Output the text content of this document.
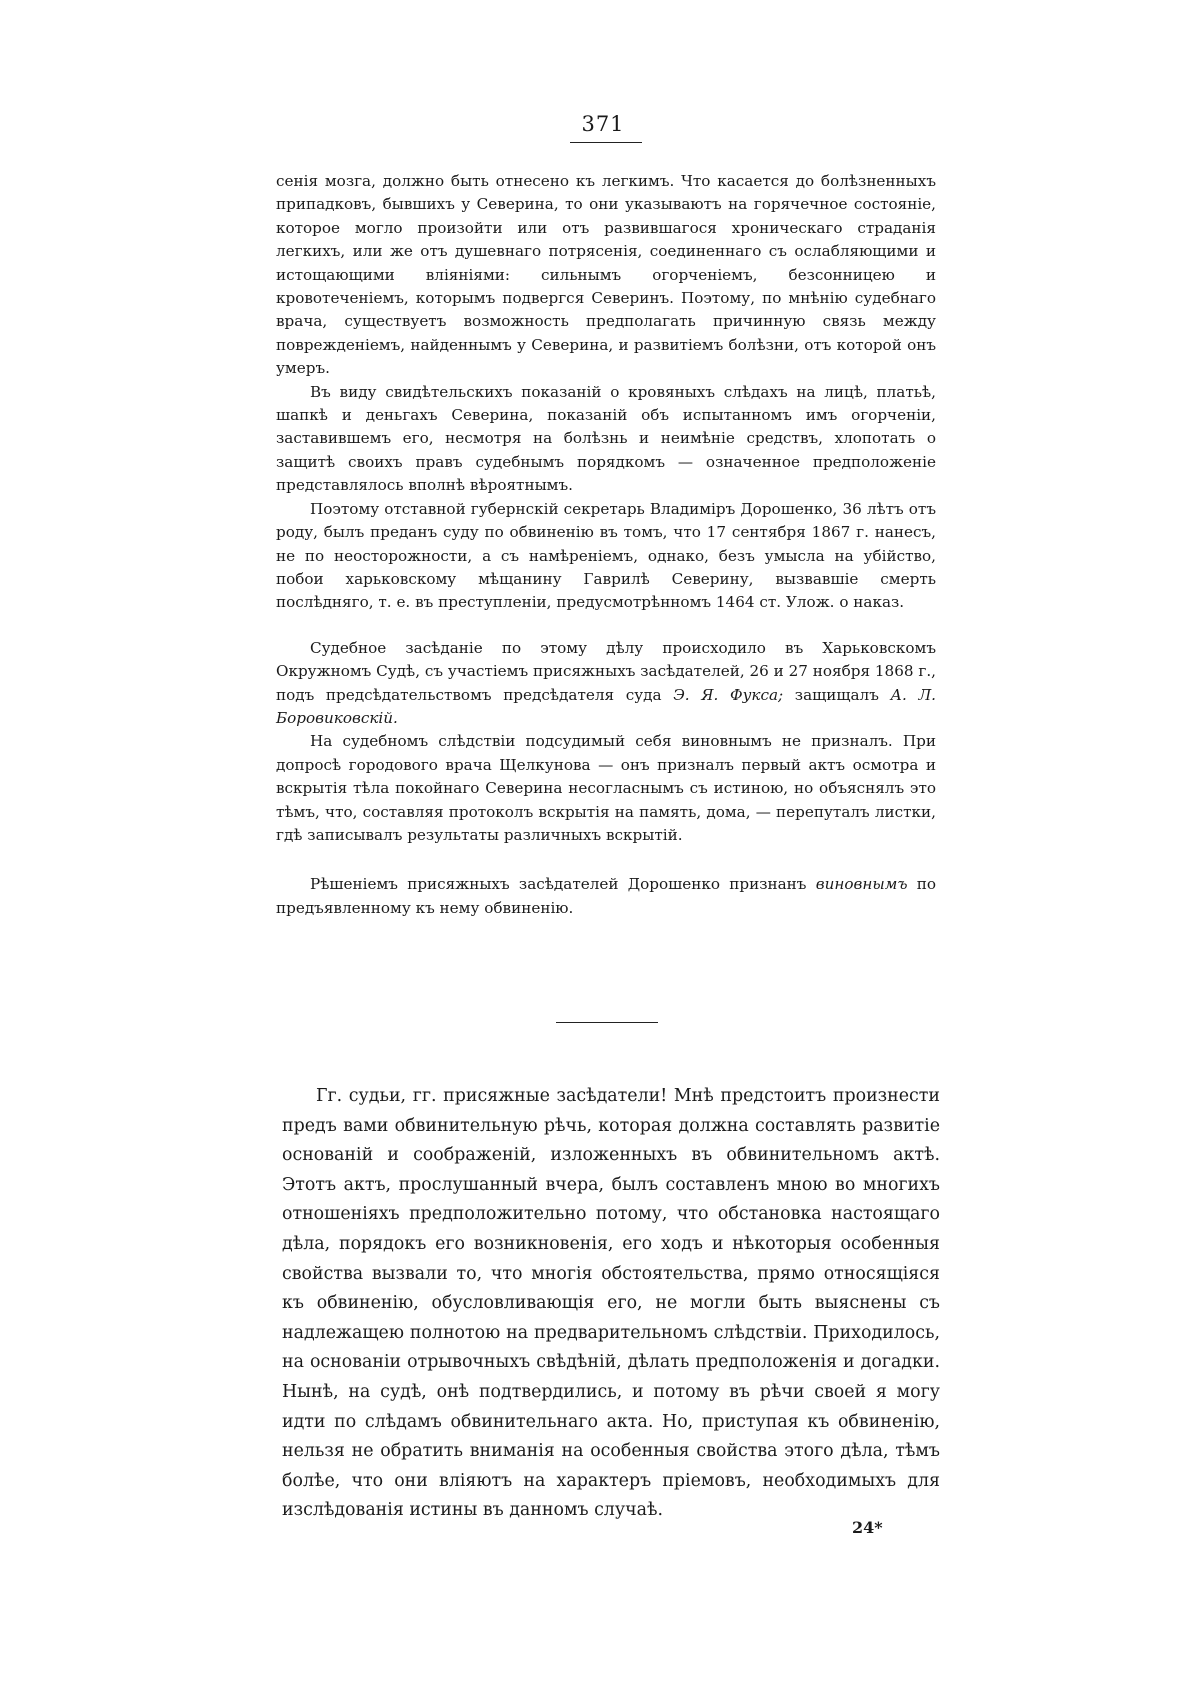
371

сенія мозга, должно быть отнесено къ легкимъ. Что касается до болѣзненныхъ припадковъ, бывшихъ у Северина, то они указываютъ на горячечное состояніе, которое могло произойти или отъ развившагося хроническаго страданія легкихъ, или же отъ душевнаго потрясенія, соединеннаго съ ослабляющими и истощающими вліяніями: сильнымъ огорченіемъ, безсонницею и кровотеченіемъ, которымъ подвергся Северинъ. Поэтому, по мнѣнію судебнаго врача, существуетъ возможность предполагать причинную связь между поврежденіемъ, найденнымъ у Северина, и развитіемъ болѣзни, отъ которой онъ умеръ.

Въ виду свидѣтельскихъ показаній о кровяныхъ слѣдахъ на лицѣ, платьѣ, шапкѣ и деньгахъ Северина, показаній объ испытанномъ имъ огорченіи, заставившемъ его, несмотря на болѣзнь и неимѣніе средствъ, хлопотать о защитѣ своихъ правъ судебнымъ порядкомъ — означенное предположеніе представлялось вполнѣ вѣроятнымъ.

Поэтому отставной губернскій секретарь Владиміръ Дорошенко, 36 лѣтъ отъ роду, былъ преданъ суду по обвиненію въ томъ, что 17 сентября 1867 г. нанесъ, не по неосторожности, а съ намѣреніемъ, однако, безъ умысла на убійство, побои харьковскому мѣщанину Гаврилѣ Северину, вызвавшіе смерть послѣдняго, т. е. въ преступленіи, предусмотрѣнномъ 1464 ст. Улож. о наказ.

Судебное засѣданіе по этому дѣлу происходило въ Харьковскомъ Окружномъ Судѣ, съ участіемъ присяжныхъ засѣдателей, 26 и 27 ноября 1868 г., подъ предсѣдательствомъ предсѣдателя суда Э. Я. Фукса; защищалъ А. Л. Боровиковскій.

На судебномъ слѣдствіи подсудимый себя виновнымъ не призналъ. При допросѣ городового врача Щелкунова — онъ призналъ первый актъ осмотра и вскрытія тѣла покойнаго Северина несогласнымъ съ истиною, но объяснялъ это тѣмъ, что, составляя протоколъ вскрытія на память, дома, — перепуталъ листки, гдѣ записывалъ результаты различныхъ вскрытій.

Рѣшеніемъ присяжныхъ засѣдателей Дорошенко признанъ виновнымъ по предъявленному къ нему обвиненію.

Гг. судьи, гг. присяжные засѣдатели! Мнѣ предстоитъ произнести предъ вами обвинительную рѣчь, которая должна составлять развитіе основаній и соображеній, изложенныхъ въ обвинительномъ актѣ. Этотъ актъ, прослушанный вчера, былъ составленъ мною во многихъ отношеніяхъ предположительно потому, что обстановка настоящаго дѣла, порядокъ его возникновенія, его ходъ и нѣкоторыя особенныя свойства вызвали то, что многія обстоятельства, прямо относящіяся къ обвиненію, обусловливающія его, не могли быть выяснены съ надлежащею полнотою на предварительномъ слѣдствіи. Приходилось, на основаніи отрывочныхъ свѣдѣній, дѣлать предположенія и догадки. Нынѣ, на судѣ, онѣ подтвердились, и потому въ рѣчи своей я могу идти по слѣдамъ обвинительнаго акта. Но, приступая къ обвиненію, нельзя не обратить вниманія на особенныя свойства этого дѣла, тѣмъ болѣе, что они вліяютъ на характеръ пріемовъ, необходимыхъ для изслѣдованія истины въ данномъ случаѣ.

24*
